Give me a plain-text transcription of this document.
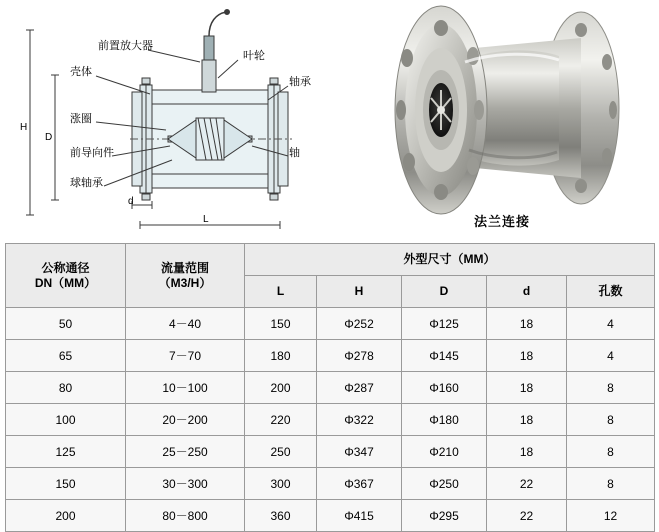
前置放大器
叶轮
壳体
轴承
涨圈
前导向件	轴
球轴承
H
D
d
L	法兰连接
公称通径
DN（MM）

流量范围
（M3/H）
	外型尺寸（MM）
		L	H	D	d	孔数
50	4－40	150	Φ252	Φ125	18	4
65	7－70	180	Φ278	Φ145	18	4
80	10－100	200	Φ287	Φ160	18	8
100	20－200	220	Φ322	Φ180	18	8
125	25－250	250	Φ347	Φ210	18	8
150	30－300	300	Φ367	Φ250	22	8
200	80－800	360	Φ415	Φ295	22	12
